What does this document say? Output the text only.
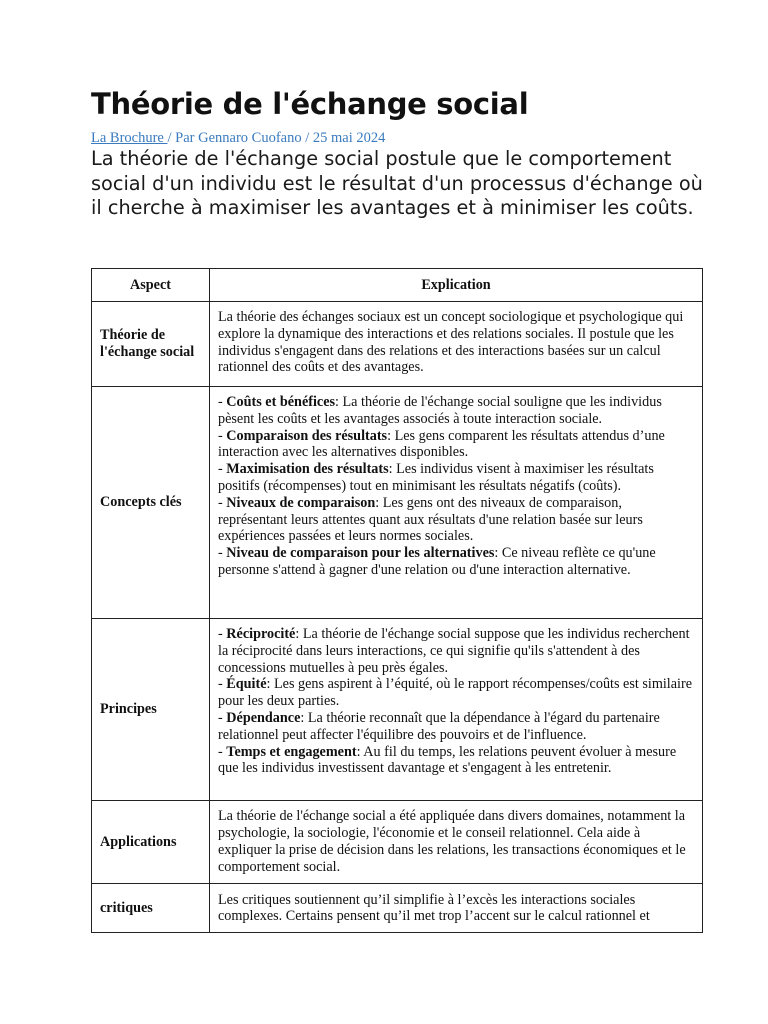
Théorie de l'échange social
La Brochure / Par Gennaro Cuofano / 25 mai 2024

La théorie de l'échange social postule que le comportement social d'un individu est le résultat d'un processus d'échange où il cherche à maximiser les avantages et à minimiser les coûts.

Aspect	Explication
Théorie de l'échange social	La théorie des échanges sociaux est un concept sociologique et psychologique qui explore la dynamique des interactions et des relations sociales. Il postule que les individus s'engagent dans des relations et des interactions basées sur un calcul rationnel des coûts et des avantages.
Concepts clés	- Coûts et bénéfices: La théorie de l'échange social souligne que les individus pèsent les coûts et les avantages associés à toute interaction sociale.
- Comparaison des résultats: Les gens comparent les résultats attendus d’une interaction avec les alternatives disponibles.
- Maximisation des résultats: Les individus visent à maximiser les résultats positifs (récompenses) tout en minimisant les résultats négatifs (coûts).
- Niveaux de comparaison: Les gens ont des niveaux de comparaison, représentant leurs attentes quant aux résultats d'une relation basée sur leurs expériences passées et leurs normes sociales.
- Niveau de comparaison pour les alternatives: Ce niveau reflète ce qu'une personne s'attend à gagner d'une relation ou d'une interaction alternative.

Principes	- Réciprocité: La théorie de l'échange social suppose que les individus recherchent la réciprocité dans leurs interactions, ce qui signifie qu'ils s'attendent à des concessions mutuelles à peu près égales.
- Équité: Les gens aspirent à l’équité, où le rapport récompenses/coûts est similaire pour les deux parties.
- Dépendance: La théorie reconnaît que la dépendance à l'égard du partenaire relationnel peut affecter l'équilibre des pouvoirs et de l'influence.
- Temps et engagement: Au fil du temps, les relations peuvent évoluer à mesure que les individus investissent davantage et s'engagent à les entretenir.

Applications	La théorie de l'échange social a été appliquée dans divers domaines, notamment la psychologie, la sociologie, l'économie et le conseil relationnel. Cela aide à expliquer la prise de décision dans les relations, les transactions économiques et le comportement social.
critiques	Les critiques soutiennent qu’il simplifie à l’excès les interactions sociales complexes. Certains pensent qu’il met trop l’accent sur le calcul rationnel et
